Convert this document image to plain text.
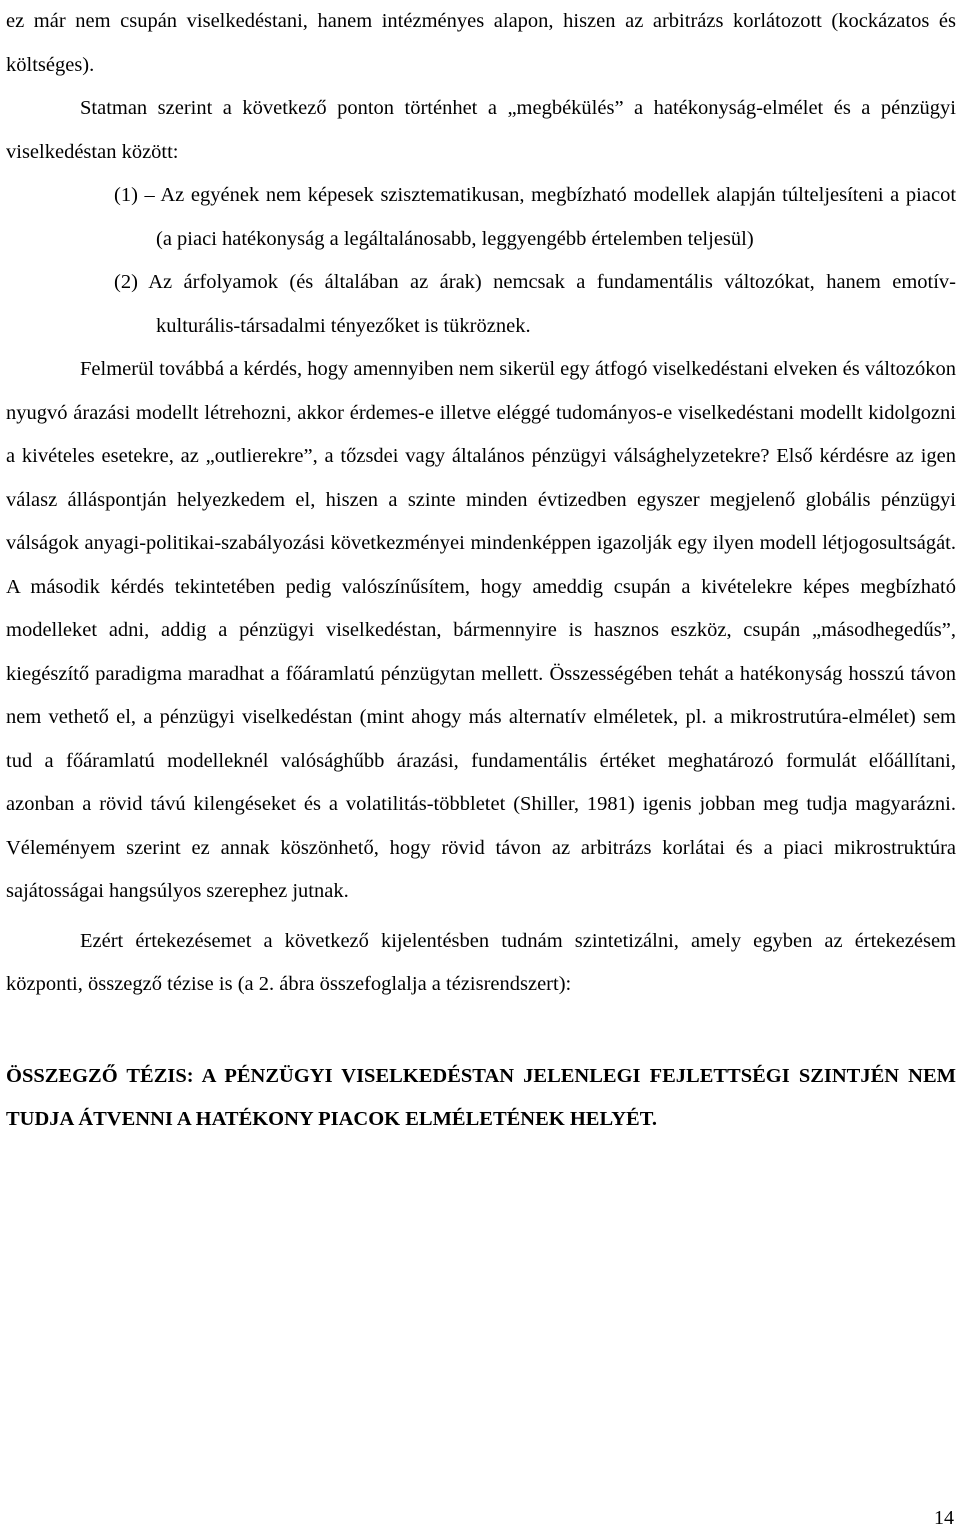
ez már nem csupán viselkedéstani, hanem intézményes alapon, hiszen az arbitrázs korlátozott (kockázatos és költséges).

Statman szerint a következő ponton történhet a „megbékülés” a hatékonyság-elmélet és a pénzügyi viselkedéstan között:

(1) – Az egyének nem képesek szisztematikusan, megbízható modellek alapján túlteljesíteni a piacot (a piaci hatékonyság a legáltalánosabb, leggyengébb értelemben teljesül)
(2) Az árfolyamok (és általában az árak) nemcsak a fundamentális változókat, hanem emotív-kulturális-társadalmi tényezőket is tükröznek.

Felmerül továbbá a kérdés, hogy amennyiben nem sikerül egy átfogó viselkedéstani elveken és változókon nyugvó árazási modellt létrehozni, akkor érdemes-e illetve eléggé tudományos-e viselkedéstani modellt kidolgozni a kivételes esetekre, az „outlierekre”, a tőzsdei vagy általános pénzügyi válsághelyzetekre? Első kérdésre az igen válasz álláspontján helyezkedem el, hiszen a szinte minden évtizedben egyszer megjelenő globális pénzügyi válságok anyagi-politikai-szabályozási következményei mindenképpen igazolják egy ilyen modell létjogosultságát. A második kérdés tekintetében pedig valószínűsítem, hogy ameddig csupán a kivételekre képes megbízható modelleket adni, addig a pénzügyi viselkedéstan, bármennyire is hasznos eszköz, csupán „másodhegedűs”, kiegészítő paradigma maradhat a főáramlatú pénzügytan mellett. Összességében tehát a hatékonyság hosszú távon nem vethető el, a pénzügyi viselkedéstan (mint ahogy más alternatív elméletek, pl. a mikrostrutúra-elmélet) sem tud a főáramlatú modelleknél valósághűbb árazási, fundamentális értéket meghatározó formulát előállítani, azonban a rövid távú kilengéseket és a volatilitás-többletet (Shiller, 1981) igenis jobban meg tudja magyarázni. Véleményem szerint ez annak köszönhető, hogy rövid távon az arbitrázs korlátai és a piaci mikrostruktúra sajátosságai hangsúlyos szerephez jutnak.

Ezért értekezésemet a következő kijelentésben tudnám szintetizálni, amely egyben az értekezésem központi, összegző tézise is (a 2. ábra összefoglalja a tézisrendszert):

ÖSSZEGZŐ TÉZIS: A PÉNZÜGYI VISELKEDÉSTAN JELENLEGI FEJLETTSÉGI SZINTJÉN NEM TUDJA ÁTVENNI A HATÉKONY PIACOK ELMÉLETÉNEK HELYÉT.

14
